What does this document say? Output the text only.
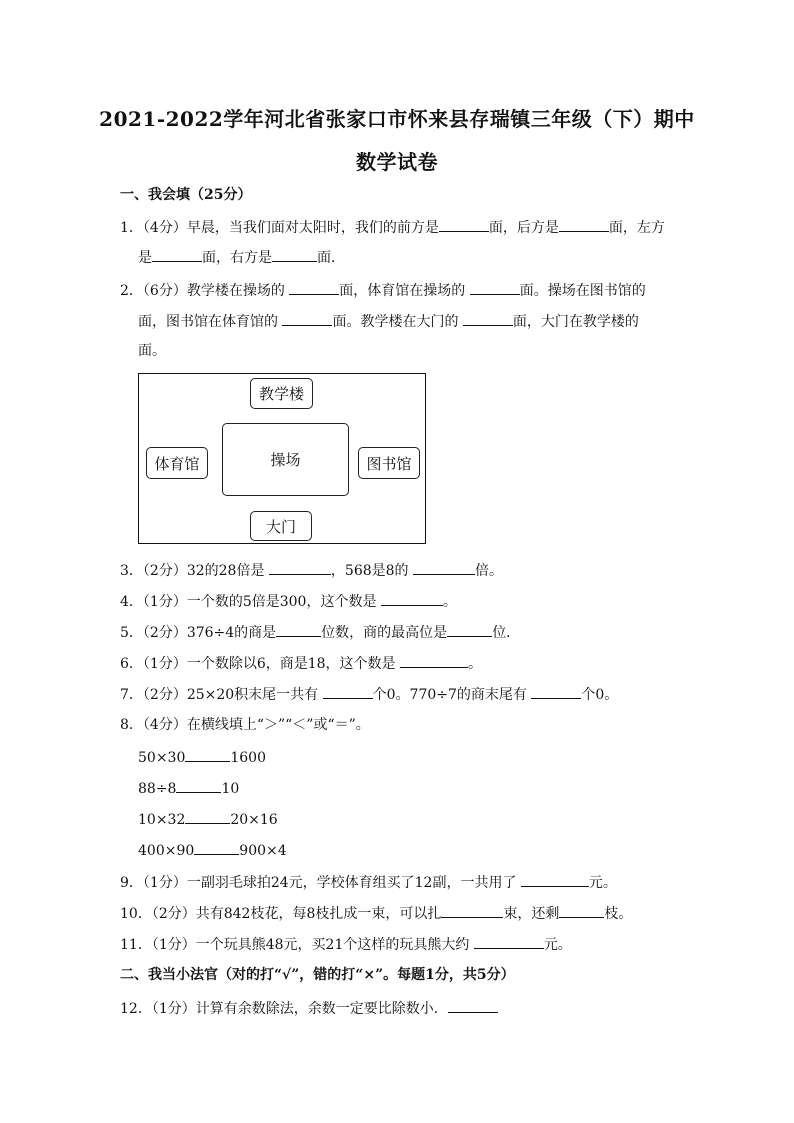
2021-2022学年河北省张家口市怀来县存瑞镇三年级（下）期中
数学试卷
一、我会填（25分）
1．（4分）早晨，当我们面对太阳时，我们的前方是	面，后方是	面，左方
是	面，右方是	面．
2．（6分）教学楼在操场的	面，体育馆在操场的	面。操场在图书馆的
面，图书馆在体育馆的	面。教学楼在大门的	面，大门在教学楼的
面。
教学楼
操场
体育馆	图书馆
大门
3．（2分）32的28倍是	，568是8的	倍。
4．（1分）一个数的5倍是300，这个数是	。
5．（2分）376÷4的商是	位数，商的最高位是	位．
6．（1分）一个数除以6，商是18，这个数是	。
7．（2分）25×20积末尾一共有	个0。770÷7的商末尾有	个0。
8．（4分）在横线填上“＞”“＜”或“＝”。
50×30	1600
88÷8	10
10×32	20×16
400×90	900×4
9．（1分）一副羽毛球拍24元，学校体育组买了12副，一共用了	元。
10．（2分）共有842枝花，每8枝扎成一束，可以扎	束，还剩	枝。
11．（1分）一个玩具熊48元，买21个这样的玩具熊大约	元。
二、我当小法官（对的打“√”，错的打“×”。每题1分，共5分）
12．（1分）计算有余数除法，余数一定要比除数小．
